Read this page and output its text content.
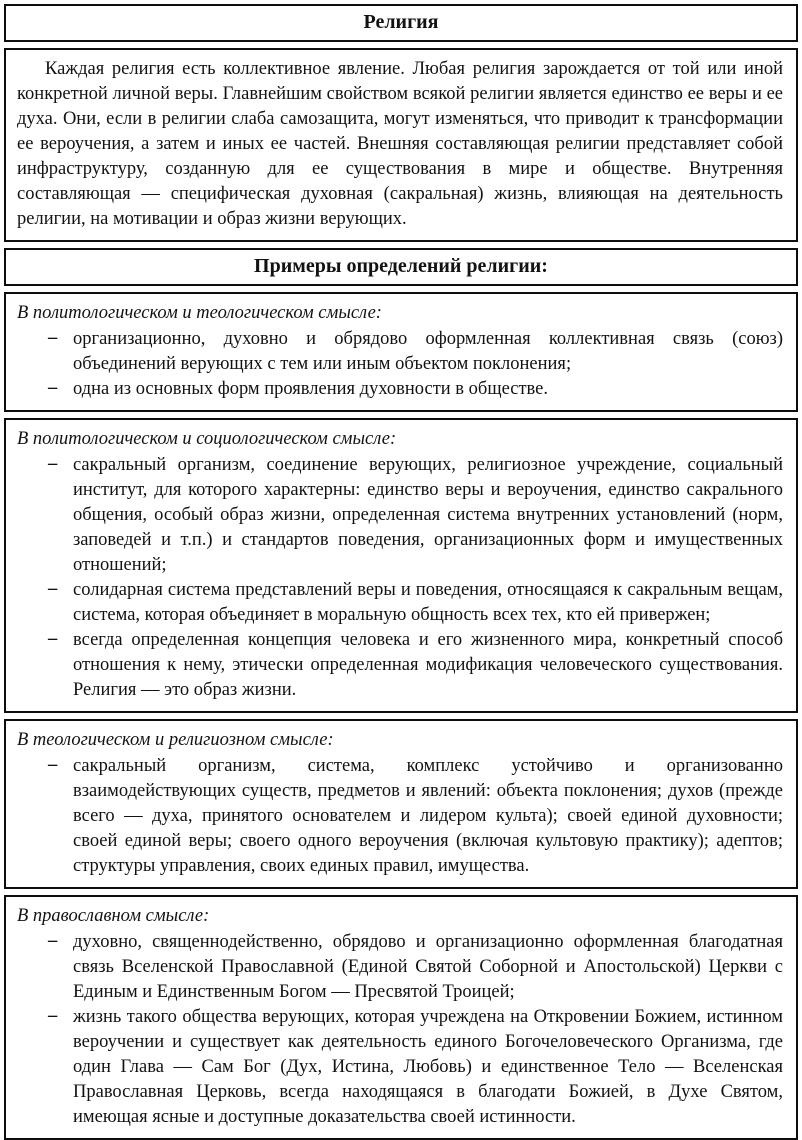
Религия

Каждая религия есть коллективное явление. Любая религия зарождается от той или иной конкретной личной веры. Главнейшим свойством всякой религии является единство ее веры и ее духа. Они, если в религии слаба самозащита, могут изменяться, что приводит к трансформации ее вероучения, а затем и иных ее частей. Внешняя составляющая религии представляет собой инфраструктуру, созданную для ее существования в мире и обществе. Внутренняя составляющая — специфическая духовная (сакральная) жизнь, влияющая на деятельность религии, на мотивации и образ жизни верующих.

Примеры определений религии:

В политологическом и теологическом смысле:

– организационно, духовно и обрядово оформленная коллективная связь (союз) объединений верующих с тем или иным объектом поклонения;
– одна из основных форм проявления духовности в обществе.

В политологическом и социологическом смысле:

– сакральный организм, соединение верующих, религиозное учреждение, социальный институт, для которого характерны: единство веры и вероучения, единство сакрального общения, особый образ жизни, определенная система внутренних установлений (норм, заповедей и т.п.) и стандартов поведения, организационных форм и имущественных отношений;
– солидарная система представлений веры и поведения, относящаяся к сакральным вещам, система, которая объединяет в моральную общность всех тех, кто ей привержен;
– всегда определенная концепция человека и его жизненного мира, конкретный способ отношения к нему, этически определенная модификация человеческого существования. Религия — это образ жизни.

В теологическом и религиозном смысле:

– сакральный организм, система, комплекс устойчиво и организованно взаимодействующих существ, предметов и явлений: объекта поклонения; духов (прежде всего — духа, принятого основателем и лидером культа); своей единой духовности; своей единой веры; своего одного вероучения (включая культовую практику); адептов; структуры управления, своих единых правил, имущества.

В православном смысле:

– духовно, священнодейственно, обрядово и организационно оформленная благодатная связь Вселенской Православной (Единой Святой Соборной и Апостольской) Церкви с Единым и Единственным Богом — Пресвятой Троицей;
– жизнь такого общества верующих, которая учреждена на Откровении Божием, истинном вероучении и существует как деятельность единого Богочеловеческого Организма, где один Глава — Сам Бог (Дух, Истина, Любовь) и единственное Тело — Вселенская Православная Церковь, всегда находящаяся в благодати Божией, в Духе Святом, имеющая ясные и доступные доказательства своей истинности.
